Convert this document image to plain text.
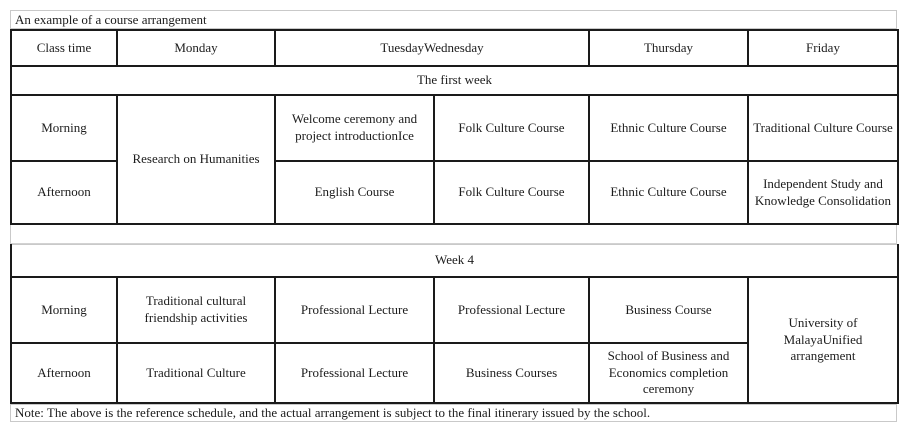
An example of a course arrangement
Class time	Monday	TuesdayWednesday		Thursday	Friday
The first week					
Morning	Research on Humanities	Welcome ceremony and project introductionIce	Folk Culture Course	Ethnic Culture Course	Traditional Culture Course
Afternoon		English Course	Folk Culture Course	Ethnic Culture Course	Independent Study and Knowledge Consolidation
Week 4					
Morning	Traditional cultural friendship activities	Professional Lecture	Professional Lecture	Business Course	University of MalayaUnified arrangement
Afternoon	Traditional Culture	Professional Lecture	Business Courses	School of Business and Economics completion ceremony	
Note: The above is the reference schedule, and the actual arrangement is subject to the final itinerary issued by the school.
